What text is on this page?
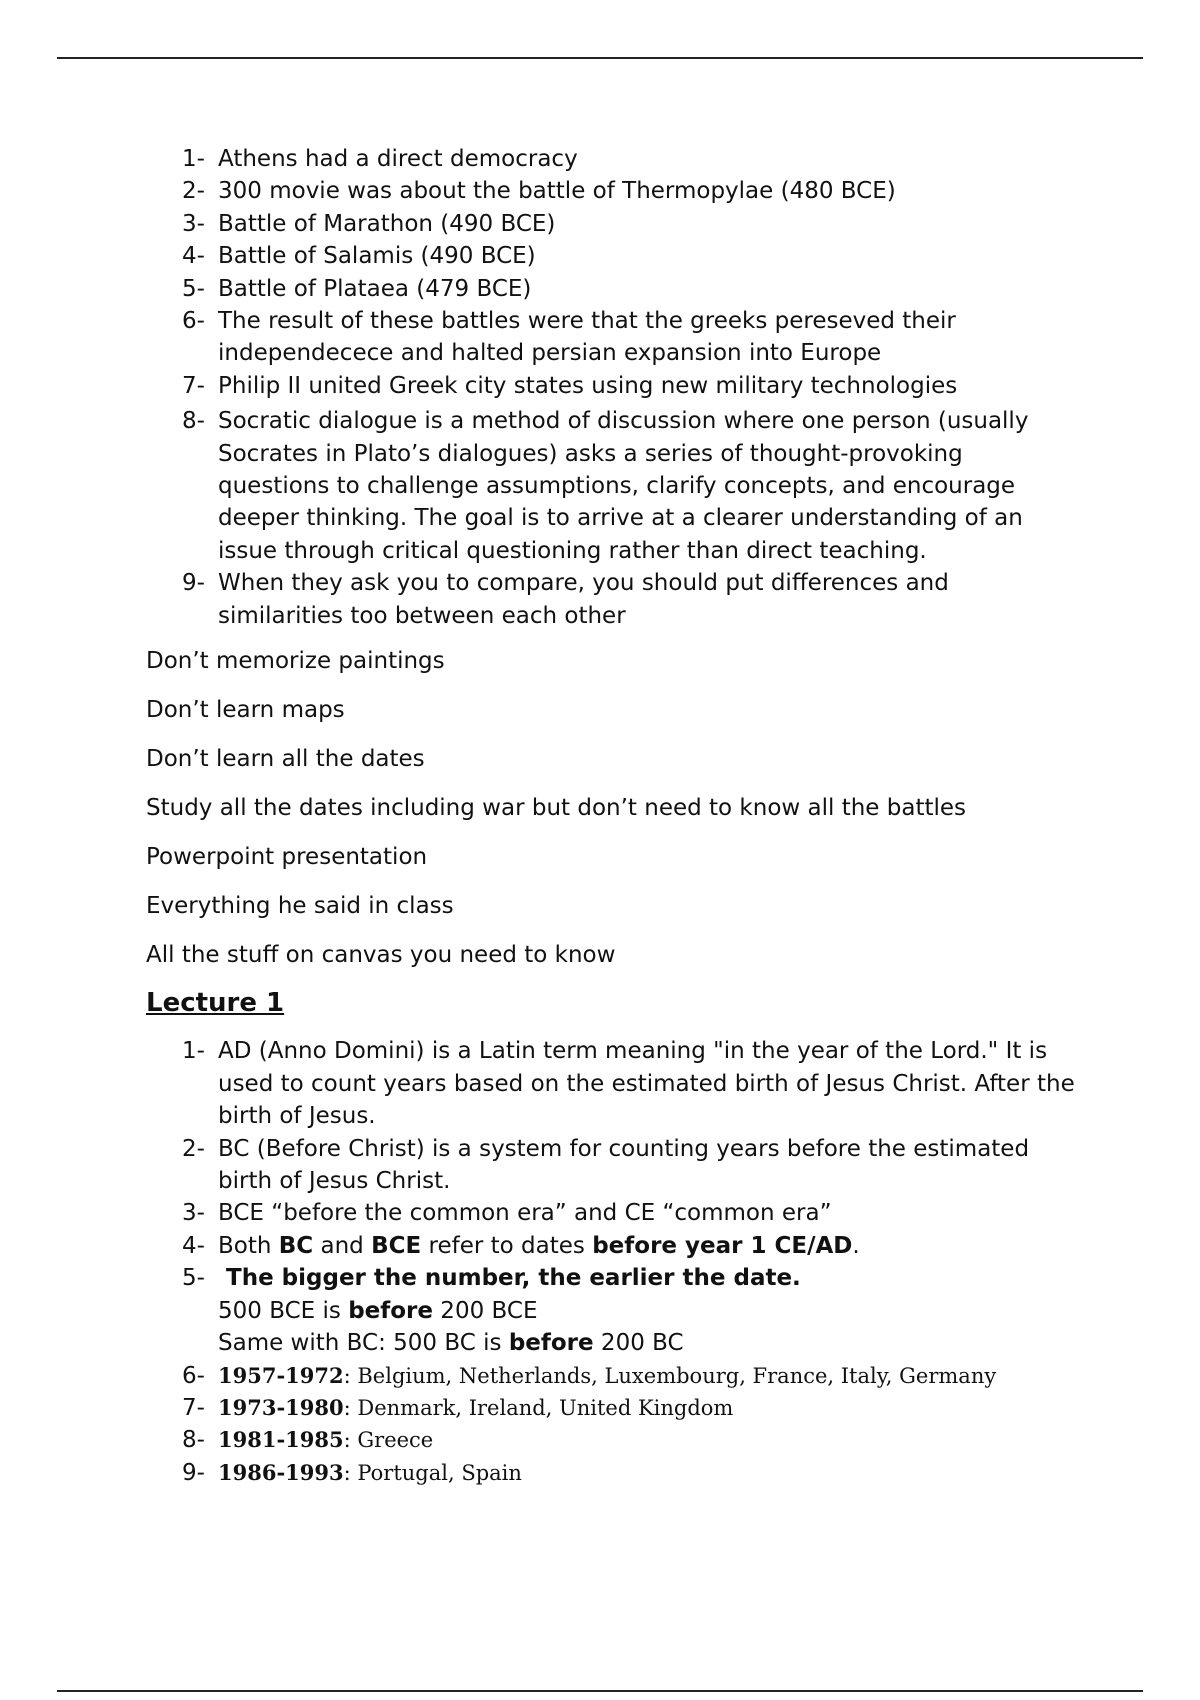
1- Athens had a direct democracy
2- 300 movie was about the battle of Thermopylae (480 BCE)
3- Battle of Marathon (490 BCE)
4- Battle of Salamis (490 BCE)
5- Battle of Plataea (479 BCE)
6- The result of these battles were that the greeks pereseved their independecece and halted persian expansion into Europe
7- Philip II united Greek city states using new military technologies
8- Socratic dialogue is a method of discussion where one person (usually Socrates in Plato’s dialogues) asks a series of thought-provoking questions to challenge assumptions, clarify concepts, and encourage deeper thinking. The goal is to arrive at a clearer understanding of an issue through critical questioning rather than direct teaching.
9- When they ask you to compare, you should put differences and similarities too between each other

Don’t memorize paintings

Don’t learn maps

Don’t learn all the dates

Study all the dates including war but don’t need to know all the battles

Powerpoint presentation

Everything he said in class

All the stuff on canvas you need to know

Lecture 1
1- AD (Anno Domini) is a Latin term meaning "in the year of the Lord." It is used to count years based on the estimated birth of Jesus Christ. After the birth of Jesus.
2- BC (Before Christ) is a system for counting years before the estimated birth of Jesus Christ.
3- BCE “before the common era” and CE “common era”
4- Both BC and BCE refer to dates before year 1 CE/AD.
5- The bigger the number, the earlier the date.
500 BCE is before 200 BCE
Same with BC: 500 BC is before 200 BC
6- 1957-1972: Belgium, Netherlands, Luxembourg, France, Italy, Germany
7- 1973-1980: Denmark, Ireland, United Kingdom
8- 1981-1985: Greece
9- 1986-1993: Portugal, Spain
